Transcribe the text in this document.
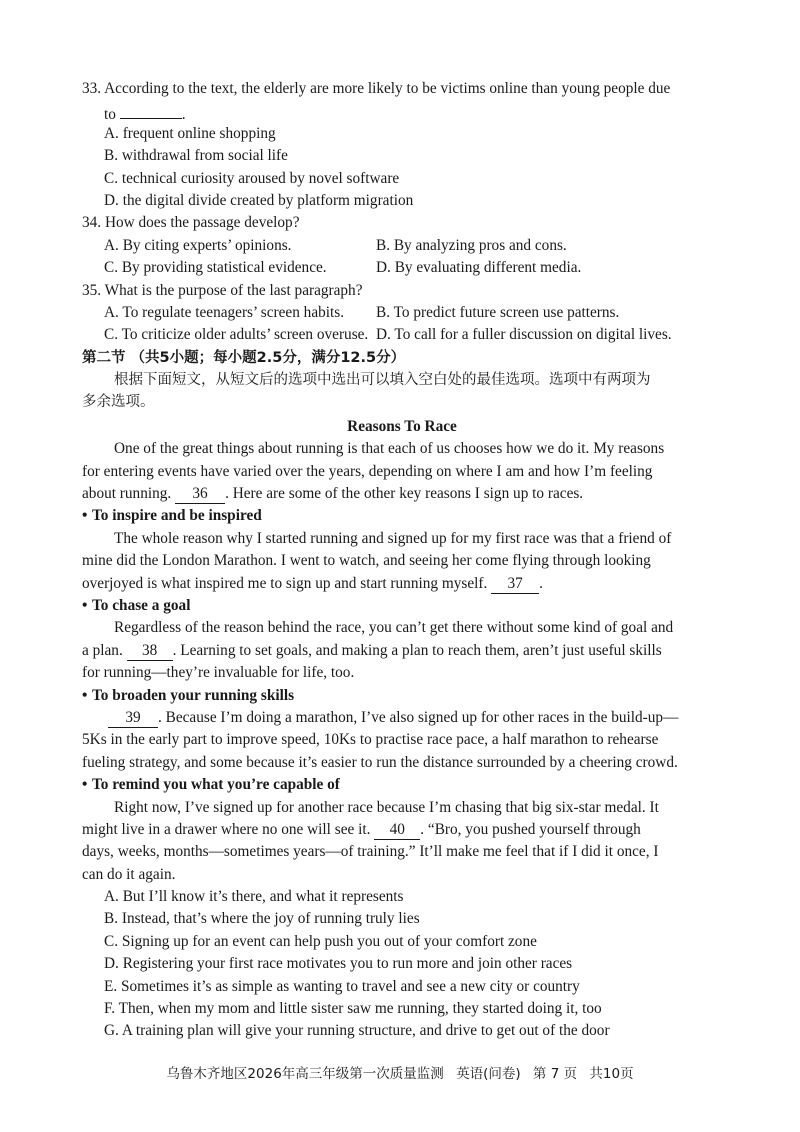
33. According to the text, the elderly are more likely to be victims online than young people due
to	.
A. frequent online shopping
B. withdrawal from social life
C. technical curiosity aroused by novel software
D. the digital divide created by platform migration
34. How does the passage develop?
A. By citing experts’ opinions.	B. By analyzing pros and cons.
C. By providing statistical evidence.	D. By evaluating different media.
35. What is the purpose of the last paragraph?
A. To regulate teenagers’ screen habits.	B. To predict future screen use patterns.
C. To criticize older adults’ screen overuse. D. To call for a fuller discussion on digital lives.
第二节 （共5小题；每小题2.5分，满分12.5分）
根据下面短文，从短文后的选项中选出可以填入空白处的最佳选项。选项中有两项为
多余选项。
Reasons To Race
One of the great things about running is that each of us chooses how we do it. My reasons
for entering events have varied over the years, depending on where I am and how I’m feeling
about running. 36 . Here are some of the other key reasons I sign up to races.
• To inspire and be inspired
The whole reason why I started running and signed up for my first race was that a friend of
mine did the London Marathon. I went to watch, and seeing her come flying through looking
overjoyed is what inspired me to sign up and start running myself. 37 .
• To chase a goal
Regardless of the reason behind the race, you can’t get there without some kind of goal and
a plan. 38 . Learning to set goals, and making a plan to reach them, aren’t just useful skills
for running—they’re invaluable for life, too.
• To broaden your running skills
39 . Because I’m doing a marathon, I’ve also signed up for other races in the build-up—
5Ks in the early part to improve speed, 10Ks to practise race pace, a half marathon to rehearse
fueling strategy, and some because it’s easier to run the distance surrounded by a cheering crowd.
• To remind you what you’re capable of
Right now, I’ve signed up for another race because I’m chasing that big six-star medal. It
might live in a drawer where no one will see it. 40 . “Bro, you pushed yourself through
days, weeks, months—sometimes years—of training.” It’ll make me feel that if I did it once, I
can do it again.
A. But I’ll know it’s there, and what it represents
B. Instead, that’s where the joy of running truly lies
C. Signing up for an event can help push you out of your comfort zone
D. Registering your first race motivates you to run more and join other races
E. Sometimes it’s as simple as wanting to travel and see a new city or country
F. Then, when my mom and little sister saw me running, they started doing it, too
G. A training plan will give your running structure, and drive to get out of the door
乌鲁木齐地区2026年高三年级第一次质量监测 英语(问卷) 第 7 页 共10页
